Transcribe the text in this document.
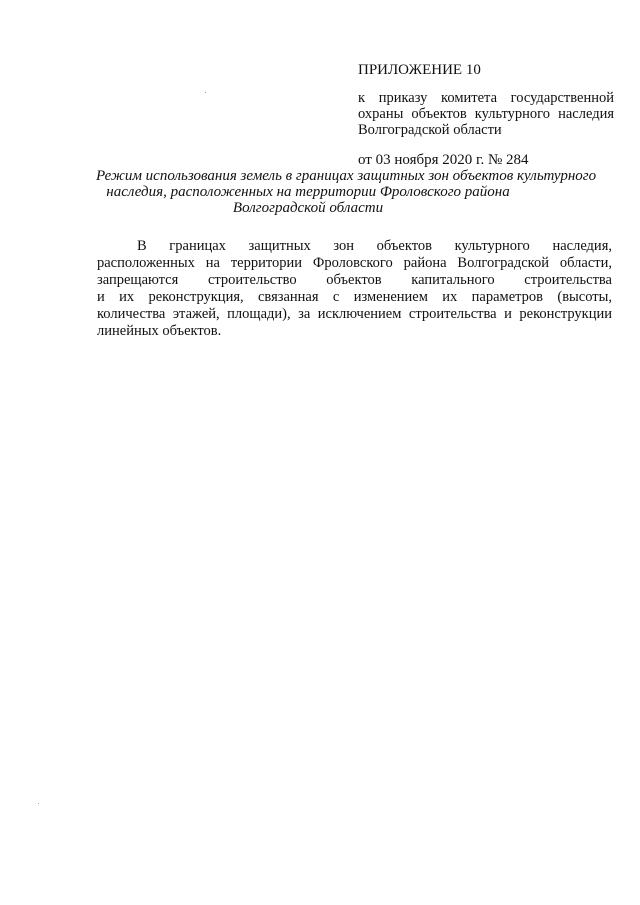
ПРИЛОЖЕНИЕ 10

к приказу комитета государственной
охраны объектов культурного наследия
Волгоградской области

от 03 ноября 2020 г. № 284

Режим использования земель в границах защитных зон объектов культурного
наследия, расположенных на территории Фроловского района
Волгоградской области
В границах защитных зон объектов культурного наследия,
расположенных на территории Фроловского района Волгоградской области,
запрещаются строительство объектов капитального строительства
и их реконструкция, связанная с изменением их параметров (высоты,
количества этажей, площади), за исключением строительства и реконструкции
линейных объектов.
